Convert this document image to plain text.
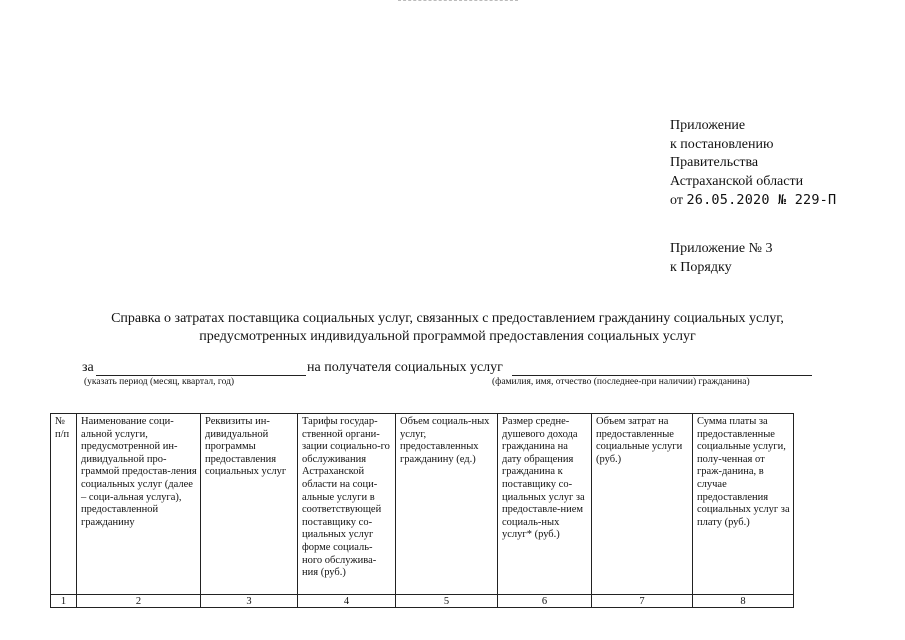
Приложение
к постановлению
Правительства
Астраханской области
от 26.05.2020 № 229-П
Приложение № 3
к Порядку
Справка о затратах поставщика социальных услуг, связанных с предоставлением гражданину социальных услуг,
предусмотренных индивидуальной программой предоставления социальных услуг
за	на получателя социальных услуг
(указать период (месяц, квартал, год)	(фамилия, имя, отчество (последнее-при наличии) гражданина)
№ п/п	Наименование соци-альной услуги, предусмотренной ин-дивидуальной про-граммой предостав-ления социальных услуг (далее – соци-альная услуга), предоставленной гражданину	Реквизиты ин-дивидуальной программы предоставления социальных услуг	Тарифы государ-ственной органи-зации социально-го обслуживания Астраханской области на соци-альные услуги в соответствующей поставщику со-циальных услуг форме социаль-ного обслужива-ния (руб.)	Объем социаль-ных услуг, предоставленных гражданину (ед.)	Размер средне-душевого дохода гражданина на дату обращения гражданина к поставщику со-циальных услуг за предоставле-нием социаль-ных услуг* (руб.)	Объем затрат на предоставленные социальные услуги (руб.)	Сумма платы за предоставленные социальные услуги, полу-ченная от граж-данина, в случае предоставления социальных услуг за плату (руб.)
1	2	3	4	5	6	7	8
